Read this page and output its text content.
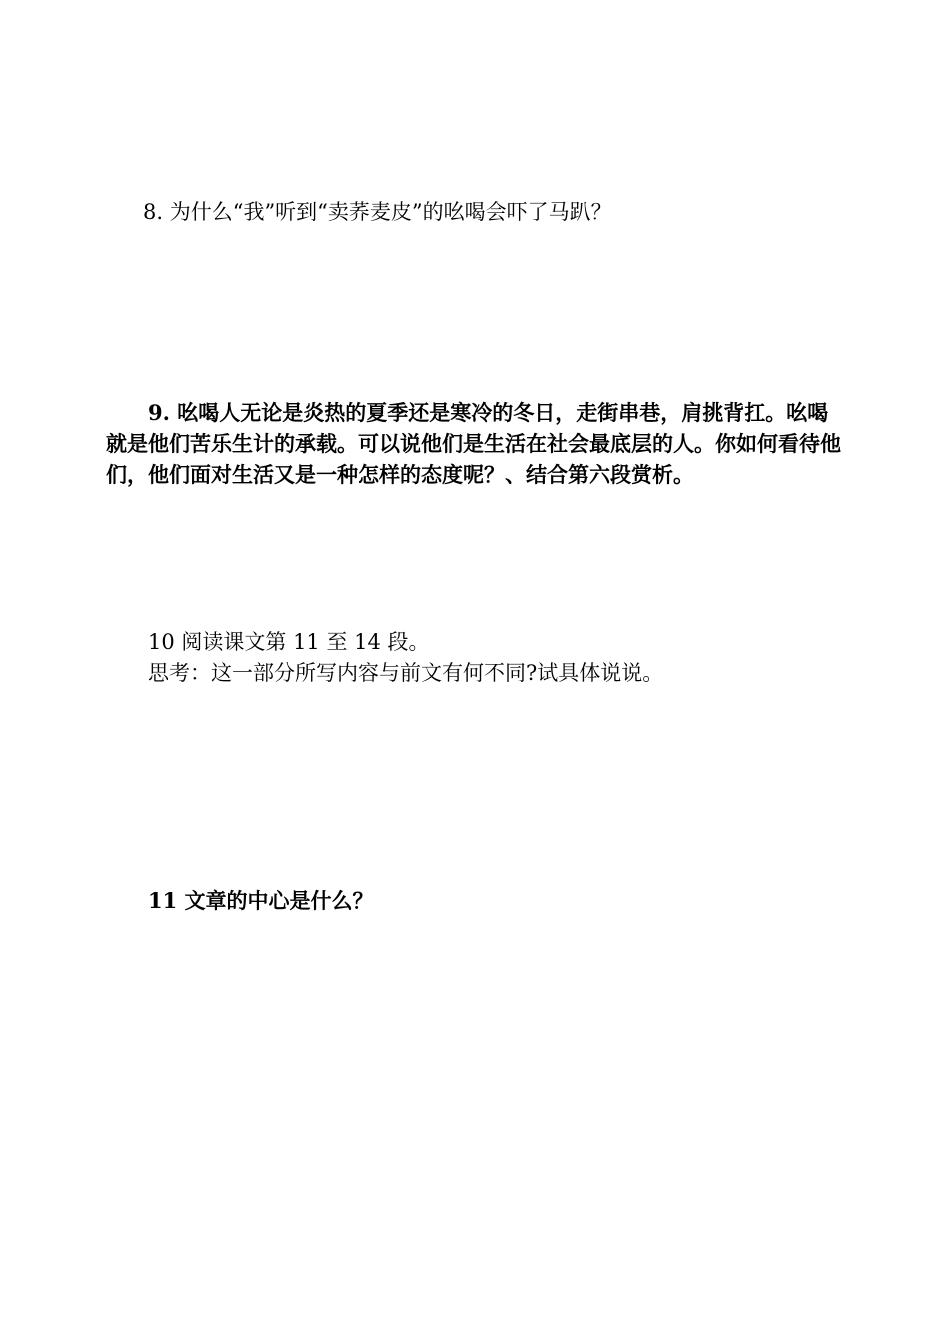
8. 为什么“我”听到“卖荞麦皮”的吆喝会吓了马趴？

9. 吆喝人无论是炎热的夏季还是寒冷的冬日，走街串巷，肩挑背扛。吆喝就是他们苦乐生计的承载。可以说他们是生活在社会最底层的人。你如何看待他们，他们面对生活又是一种怎样的态度呢？、结合第六段赏析。

10 阅读课文第 11 至 14 段。
思考：这一部分所写内容与前文有何不同?试具体说说。

11 文章的中心是什么？
